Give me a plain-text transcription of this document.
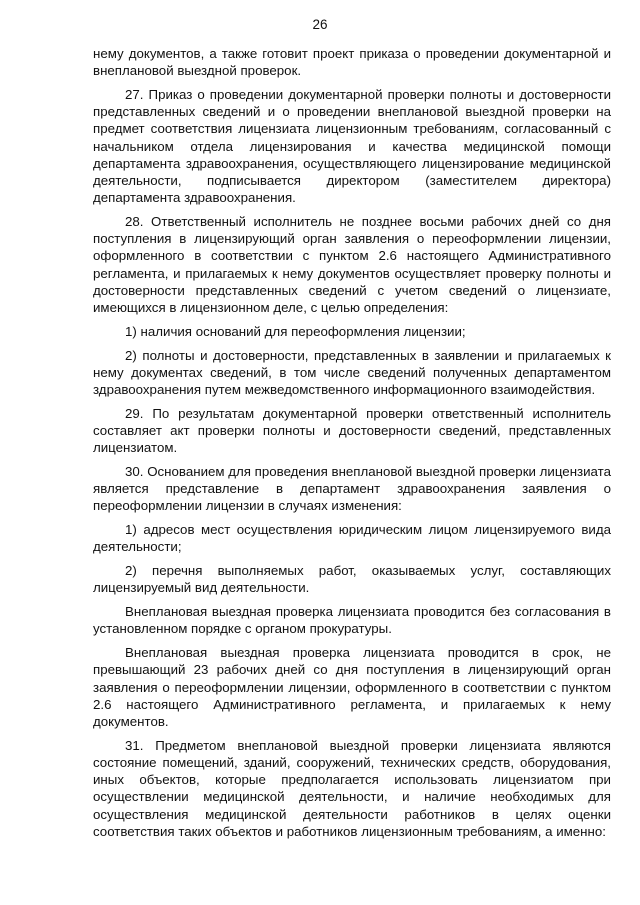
26

нему документов, а также готовит проект приказа о проведении документарной и внеплановой выездной проверок.

27. Приказ о проведении документарной проверки полноты и достоверности представленных сведений и о проведении внеплановой выездной проверки на предмет соответствия лицензиата лицензионным требованиям, согласованный с начальником отдела лицензирования и качества медицинской помощи департамента здравоохранения, осуществляющего лицензирование медицинской деятельности, подписывается директором (заместителем директора) департамента здравоохранения.

28. Ответственный исполнитель не позднее восьми рабочих дней со дня поступления в лицензирующий орган заявления о переоформлении лицензии, оформленного в соответствии с пунктом 2.6 настоящего Административного регламента, и прилагаемых к нему документов осуществляет проверку полноты и достоверности представленных сведений с учетом сведений о лицензиате, имеющихся в лицензионном деле, с целью определения:

1) наличия оснований для переоформления лицензии;

2) полноты и достоверности, представленных в заявлении и прилагаемых к нему документах сведений, в том числе сведений полученных департаментом здравоохранения путем межведомственного информационного взаимодействия.

29. По результатам документарной проверки ответственный исполнитель составляет акт проверки полноты и достоверности сведений, представленных лицензиатом.

30. Основанием для проведения внеплановой выездной проверки лицензиата является представление в департамент здравоохранения заявления о переоформлении лицензии в случаях изменения:

1) адресов мест осуществления юридическим лицом лицензируемого вида деятельности;

2) перечня выполняемых работ, оказываемых услуг, составляющих лицензируемый вид деятельности.

Внеплановая выездная проверка лицензиата проводится без согласования в установленном порядке с органом прокуратуры.

Внеплановая выездная проверка лицензиата проводится в срок, не превышающий 23 рабочих дней со дня поступления в лицензирующий орган заявления о переоформлении лицензии, оформленного в соответствии с пунктом 2.6 настоящего Административного регламента, и прилагаемых к нему документов.

31. Предметом внеплановой выездной проверки лицензиата являются состояние помещений, зданий, сооружений, технических средств, оборудования, иных объектов, которые предполагается использовать лицензиатом при осуществлении медицинской деятельности, и наличие необходимых для осуществления медицинской деятельности работников в целях оценки соответствия таких объектов и работников лицензионным требованиям, а именно:
